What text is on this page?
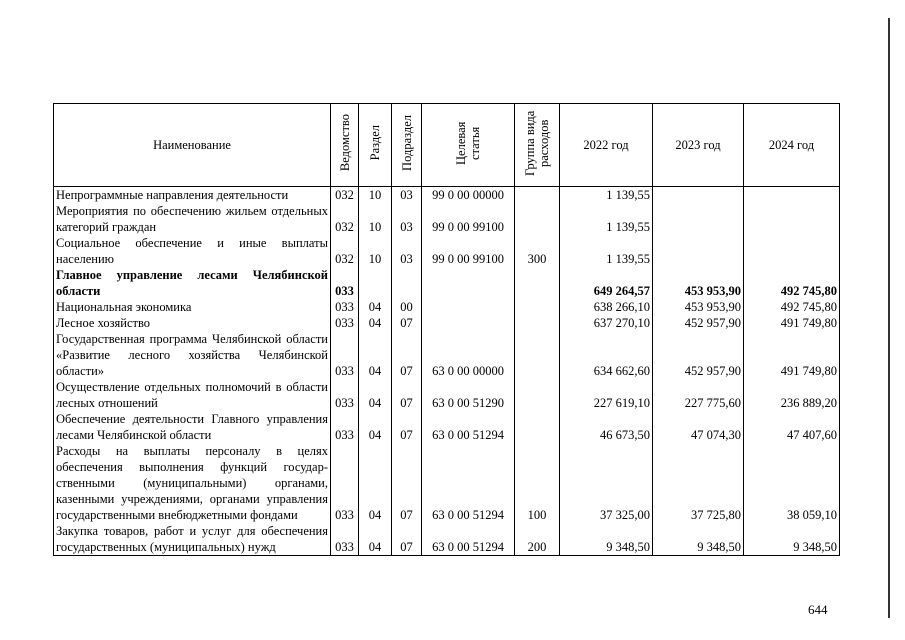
Наименование	Ведомство	Раздел	Подраздел	Целевая статья	Группа вида расходов	2022 год	2023 год	2024 год
Непрограммные направления деятельности	032	10	03	99 0 00 00000		1 139,55		
Мероприятия по обеспечению жильем отдельных категорий граждан	032	10	03	99 0 00 99100		1 139,55		
Социальное обеспечение и иные выплаты населению	032	10	03	99 0 00 99100	300	1 139,55		
Главное управление лесами Челябинской области	033					649 264,57	453 953,90	492 745,80
Национальная экономика	033	04	00			638 266,10	453 953,90	492 745,80
Лесное хозяйство	033	04	07			637 270,10	452 957,90	491 749,80
Государственная программа Челябинской области «Развитие лесного хозяйства Челябинской области»	033	04	07	63 0 00 00000		634 662,60	452 957,90	491 749,80
Осуществление отдельных полномочий в области лесных отношений	033	04	07	63 0 00 51290		227 619,10	227 775,60	236 889,20
Обеспечение деятельности Главного управления лесами Челябинской области	033	04	07	63 0 00 51294		46 673,50	47 074,30	47 407,60
Расходы на выплаты персоналу в целях обеспечения выполнения функций государственными (муниципальными) органами, казенными учреждениями, органами управления государственными внебюджетными фондами	033	04	07	63 0 00 51294	100	37 325,00	37 725,80	38 059,10
Закупка товаров, работ и услуг для обеспечения государственных (муниципальных) нужд	033	04	07	63 0 00 51294	200	9 348,50	9 348,50	9 348,50
644
